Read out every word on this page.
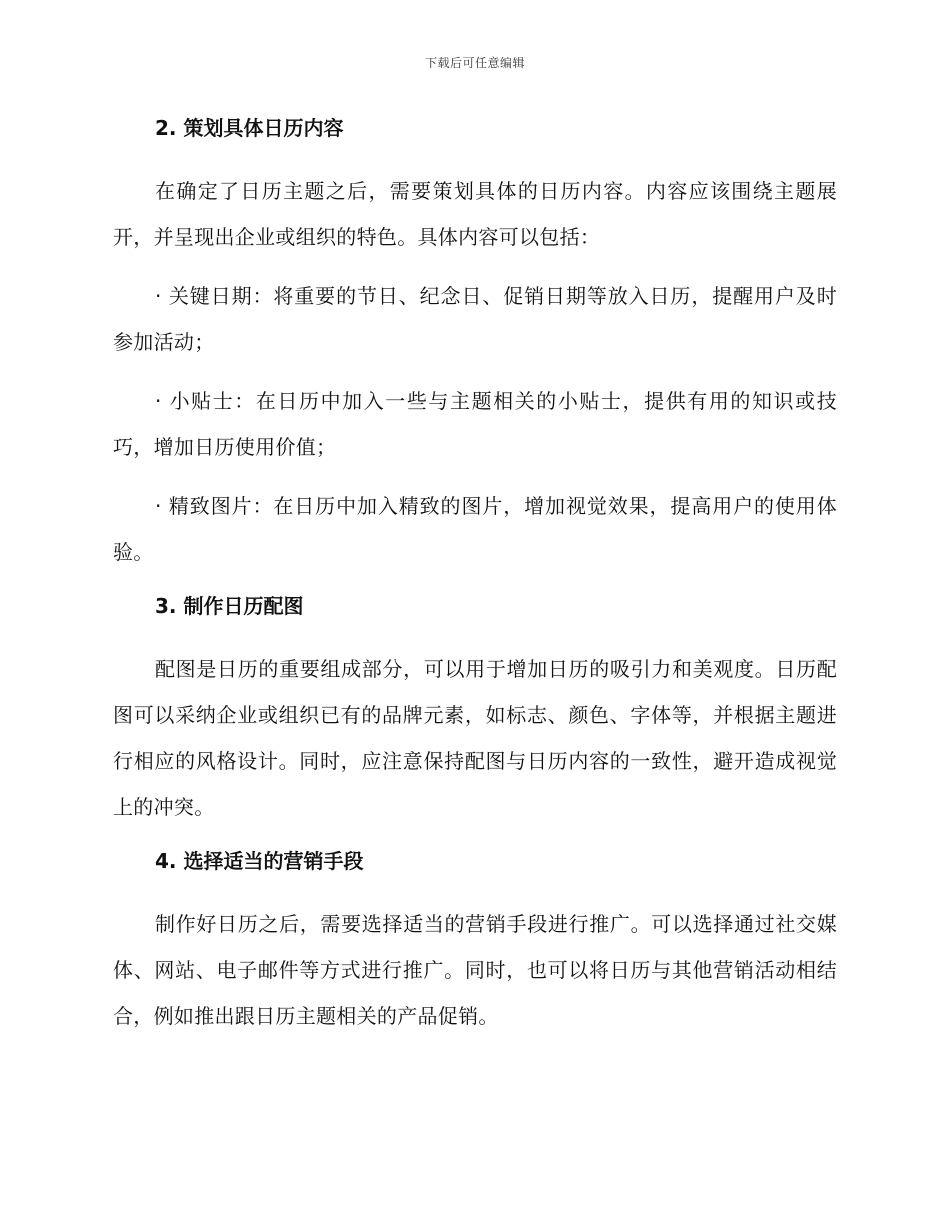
下载后可任意编辑
2. 策划具体日历内容

在确定了日历主题之后，需要策划具体的日历内容。内容应该围绕主题展开，并呈现出企业或组织的特色。具体内容可以包括：

· 关键日期：将重要的节日、纪念日、促销日期等放入日历，提醒用户及时参加活动；

· 小贴士：在日历中加入一些与主题相关的小贴士，提供有用的知识或技巧，增加日历使用价值；

· 精致图片：在日历中加入精致的图片，增加视觉效果，提高用户的使用体验。

3. 制作日历配图

配图是日历的重要组成部分，可以用于增加日历的吸引力和美观度。日历配图可以采纳企业或组织已有的品牌元素，如标志、颜色、字体等，并根据主题进行相应的风格设计。同时，应注意保持配图与日历内容的一致性，避开造成视觉上的冲突。

4. 选择适当的营销手段

制作好日历之后，需要选择适当的营销手段进行推广。可以选择通过社交媒体、网站、电子邮件等方式进行推广。同时，也可以将日历与其他营销活动相结合，例如推出跟日历主题相关的产品促销。
